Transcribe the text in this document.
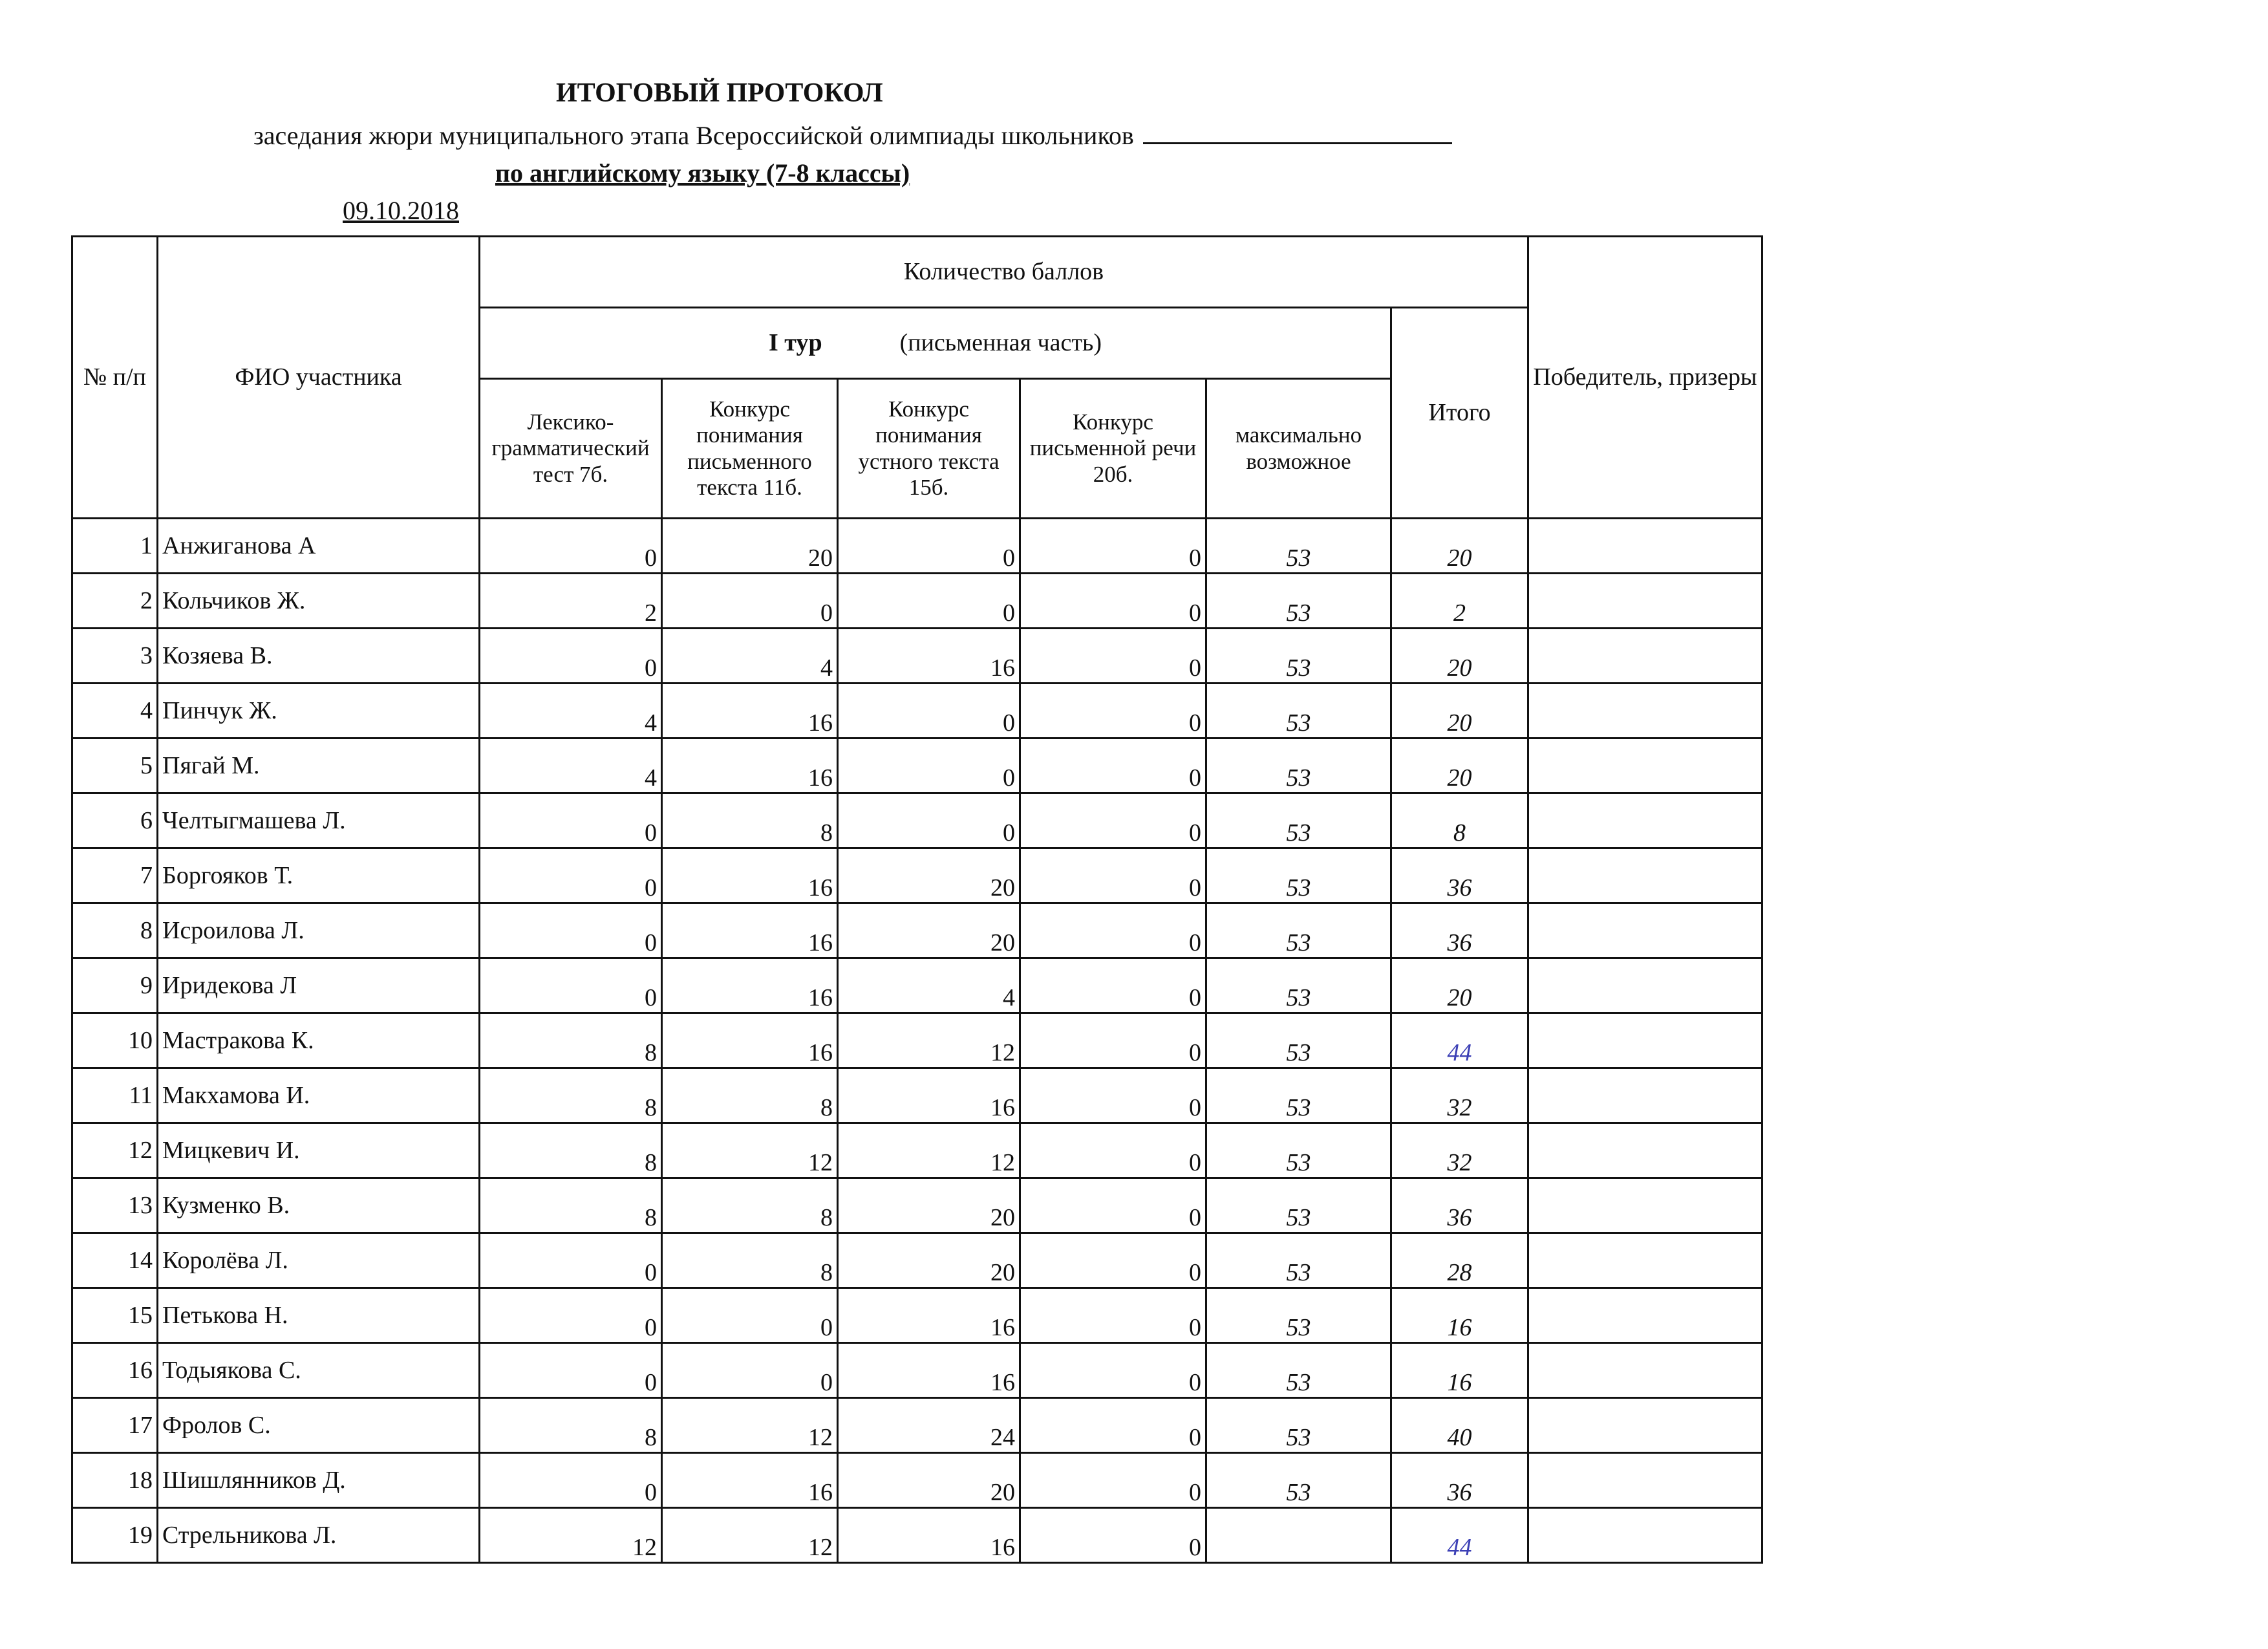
ИТОГОВЫЙ ПРОТОКОЛ
заседания жюри муниципального этапа Всероссийской олимпиады школьников
по английскому языку (7-8 классы)
09.10.2018
№ п/п	ФИО участника	Количество баллов						Победитель, призеры
		I тур (письменная часть)					Итого	
		Лексико-грамматический тест 7б.	Конкурс понимания письменного текста 11б.	Конкурс понимания устного текста 15б.	Конкурс письменной речи 20б.	максимально возможное		
1	Анжиганова А	0	20	0	0	53	20	
2	Кольчиков Ж.	2	0	0	0	53	2	
3	Козяева В.	0	4	16	0	53	20	
4	Пинчук Ж.	4	16	0	0	53	20	
5	Пягай М.	4	16	0	0	53	20	
6	Челтыгмашева Л.	0	8	0	0	53	8	
7	Боргояков Т.	0	16	20	0	53	36	
8	Исроилова Л.	0	16	20	0	53	36	
9	Иридекова Л	0	16	4	0	53	20	
10	Мастракова К.	8	16	12	0	53	44	
11	Макхамова И.	8	8	16	0	53	32	
12	Мицкевич И.	8	12	12	0	53	32	
13	Кузменко В.	8	8	20	0	53	36	
14	Королёва Л.	0	8	20	0	53	28	
15	Петькова Н.	0	0	16	0	53	16	
16	Тодыякова С.	0	0	16	0	53	16	
17	Фролов С.	8	12	24	0	53	40	
18	Шишлянников Д.	0	16	20	0	53	36	
19	Стрельникова Л.	12	12	16	0		44	
